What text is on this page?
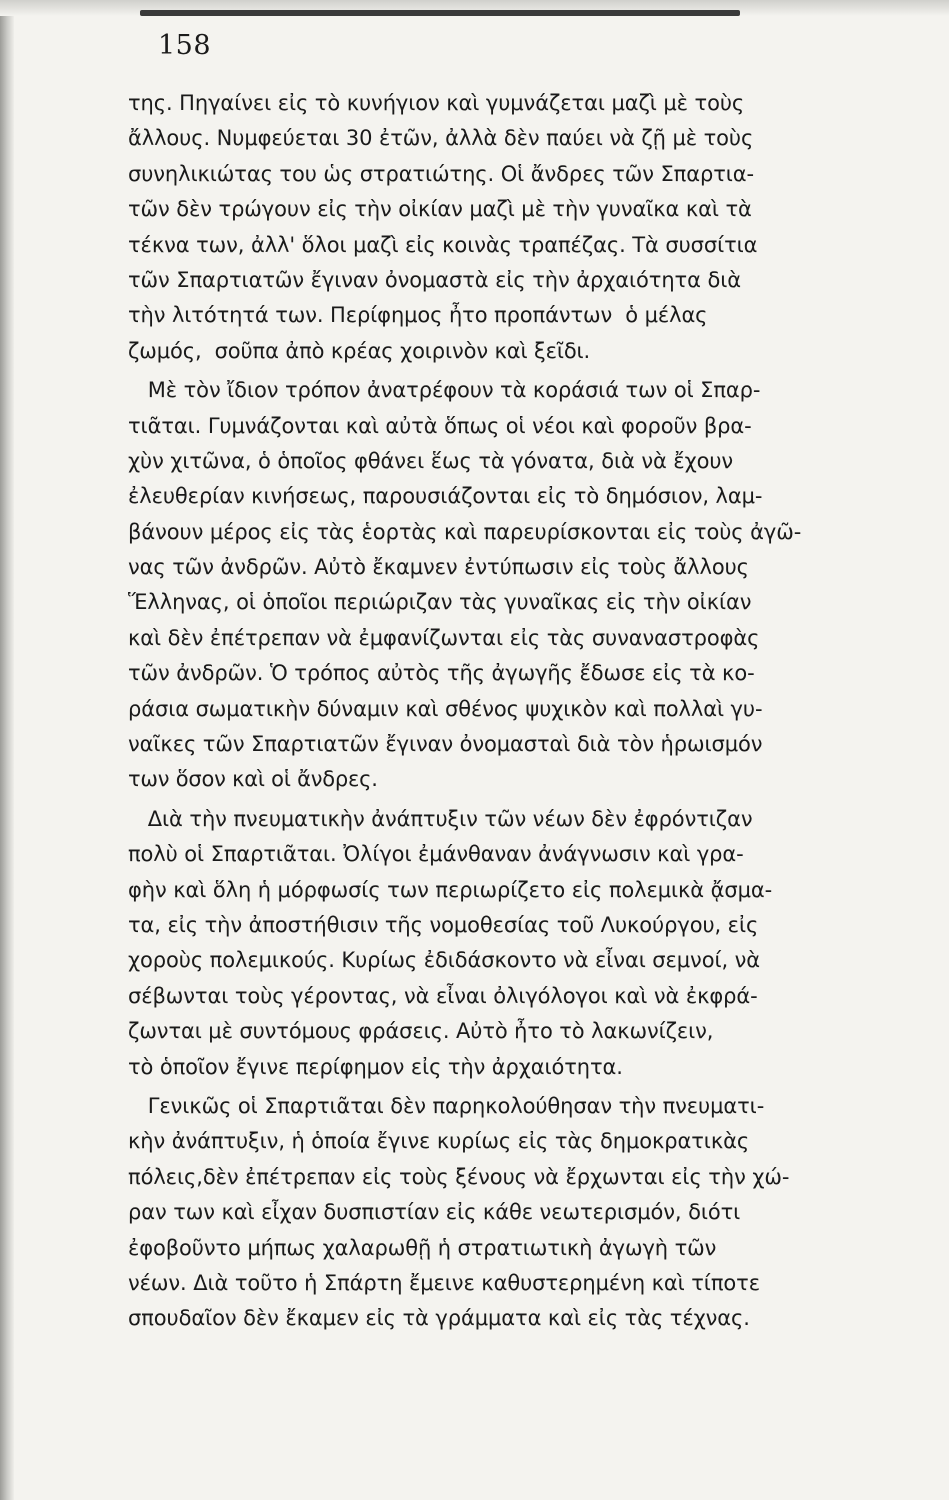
158
της. Πηγαίνει εἰς τὸ κυνήγιον καὶ γυμνάζεται μαζὶ μὲ τοὺς
ἄλλους. Νυμφεύεται 30 ἐτῶν, ἀλλὰ δὲν παύει νὰ ζῇ μὲ τοὺς
συνηλικιώτας του ὡς στρατιώτης. Οἱ ἄνδρες τῶν Σπαρτια-
τῶν δὲν τρώγουν εἰς τὴν οἰκίαν μαζὶ μὲ τὴν γυναῖκα καὶ τὰ
τέκνα των, ἀλλ' ὅλοι μαζὶ εἰς κοινὰς τραπέζας. Τὰ συσσίτια
τῶν Σπαρτιατῶν ἔγιναν ὀνομαστὰ εἰς τὴν ἀρχαιότητα διὰ
τὴν λιτότητά των. Περίφημος ἦτο προπάντων  ὁ μέλας
ζωμός,  σοῦπα ἀπὸ κρέας χοιρινὸν καὶ ξεῖδι.
Μὲ τὸν ἴδιον τρόπον ἀνατρέφουν τὰ κοράσιά των οἱ Σπαρ-
τιᾶται. Γυμνάζονται καὶ αὐτὰ ὅπως οἱ νέοι καὶ φοροῦν βρα-
χὺν χιτῶνα, ὁ ὁποῖος φθάνει ἕως τὰ γόνατα, διὰ νὰ ἔχουν
ἐλευθερίαν κινήσεως, παρουσιάζονται εἰς τὸ δημόσιον, λαμ-
βάνουν μέρος εἰς τὰς ἑορτὰς καὶ παρευρίσκονται εἰς τοὺς ἀγῶ-
νας τῶν ἀνδρῶν. Αὐτὸ ἔκαμνεν ἐντύπωσιν εἰς τοὺς ἄλλους
Ἕλληνας, οἱ ὁποῖοι περιώριζαν τὰς γυναῖκας εἰς τὴν οἰκίαν
καὶ δὲν ἐπέτρεπαν νὰ ἐμφανίζωνται εἰς τὰς συναναστροφὰς
τῶν ἀνδρῶν. Ὁ τρόπος αὐτὸς τῆς ἀγωγῆς ἔδωσε εἰς τὰ κο-
ράσια σωματικὴν δύναμιν καὶ σθένος ψυχικὸν καὶ πολλαὶ γυ-
ναῖκες τῶν Σπαρτιατῶν ἔγιναν ὀνομασταὶ διὰ τὸν ἡρωισμόν
των ὅσον καὶ οἱ ἄνδρες.
Διὰ τὴν πνευματικὴν ἀνάπτυξιν τῶν νέων δὲν ἐφρόντιζαν
πολὺ οἱ Σπαρτιᾶται. Ὀλίγοι ἐμάνθαναν ἀνάγνωσιν καὶ γρα-
φὴν καὶ ὅλη ἡ μόρφωσίς των περιωρίζετο εἰς πολεμικὰ ᾄσμα-
τα, εἰς τὴν ἀποστήθισιν τῆς νομοθεσίας τοῦ Λυκούργου, εἰς
χοροὺς πολεμικούς. Κυρίως ἐδιδάσκοντο νὰ εἶναι σεμνοί, νὰ
σέβωνται τοὺς γέροντας, νὰ εἶναι ὀλιγόλογοι καὶ νὰ ἐκφρά-
ζωνται μὲ συντόμους φράσεις. Αὐτὸ ἦτο τὸ λακωνίζειν,
τὸ ὁποῖον ἔγινε περίφημον εἰς τὴν ἀρχαιότητα.
Γενικῶς οἱ Σπαρτιᾶται δὲν παρηκολούθησαν τὴν πνευματι-
κὴν ἀνάπτυξιν, ἡ ὁποία ἔγινε κυρίως εἰς τὰς δημοκρατικὰς
πόλεις,δὲν ἐπέτρεπαν εἰς τοὺς ξένους νὰ ἔρχωνται εἰς τὴν χώ-
ραν των καὶ εἶχαν δυσπιστίαν εἰς κάθε νεωτερισμόν, διότι
ἐφοβοῦντο μήπως χαλαρωθῇ ἡ στρατιωτικὴ ἀγωγὴ τῶν
νέων. Διὰ τοῦτο ἡ Σπάρτη ἔμεινε καθυστερημένη καὶ τίποτε
σπουδαῖον δὲν ἔκαμεν εἰς τὰ γράμματα καὶ εἰς τὰς τέχνας.
